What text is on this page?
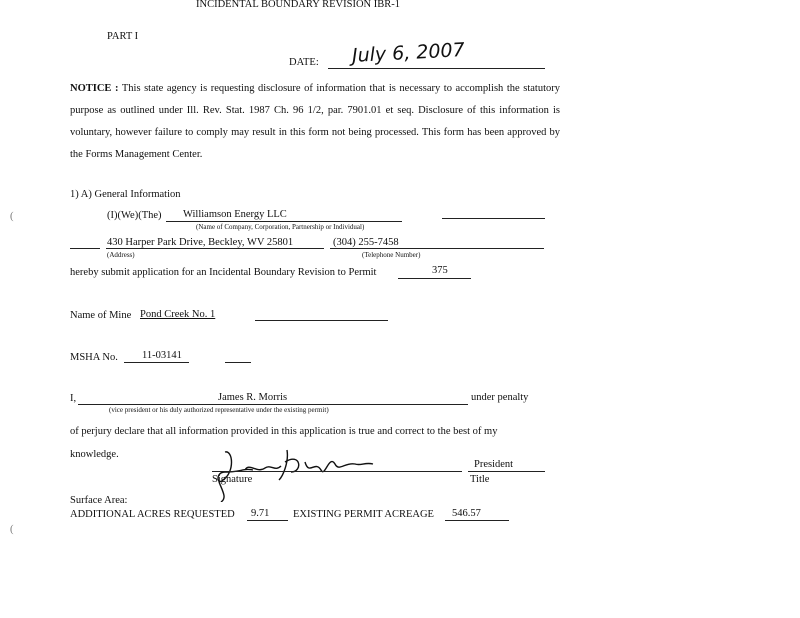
INCIDENTAL BOUNDARY REVISION IBR-1
PART I
DATE: July 6, 2007
NOTICE : This state agency is requesting disclosure of information that is necessary to accomplish the statutory purpose as outlined under Ill. Rev. Stat. 1987 Ch. 96 1/2, par. 7901.01 et seq. Disclosure of this information is voluntary, however failure to comply may result in this form not being processed. This form has been approved by the Forms Management Center.
1) A) General Information
(I)(We)(The) Williamson Energy LLC
(Name of Company, Corporation, Partnership or Individual)
430 Harper Park Drive, Beckley, WV 25801	(304) 255-7458
(Address)	(Telephone Number)
hereby submit application for an Incidental Boundary Revision to Permit	375
Name of Mine Pond Creek No. 1
MSHA No. 11-03141
I,	James R. Morris	under penalty
(vice president or his duly authorized representative under the existing permit)
of perjury declare that all information provided in this application is true and correct to the best of my knowledge.
Signature
President
Title
Surface Area:
ADDITIONAL ACRES REQUESTED 9.71 EXISTING PERMIT ACREAGE 546.57
(
(
